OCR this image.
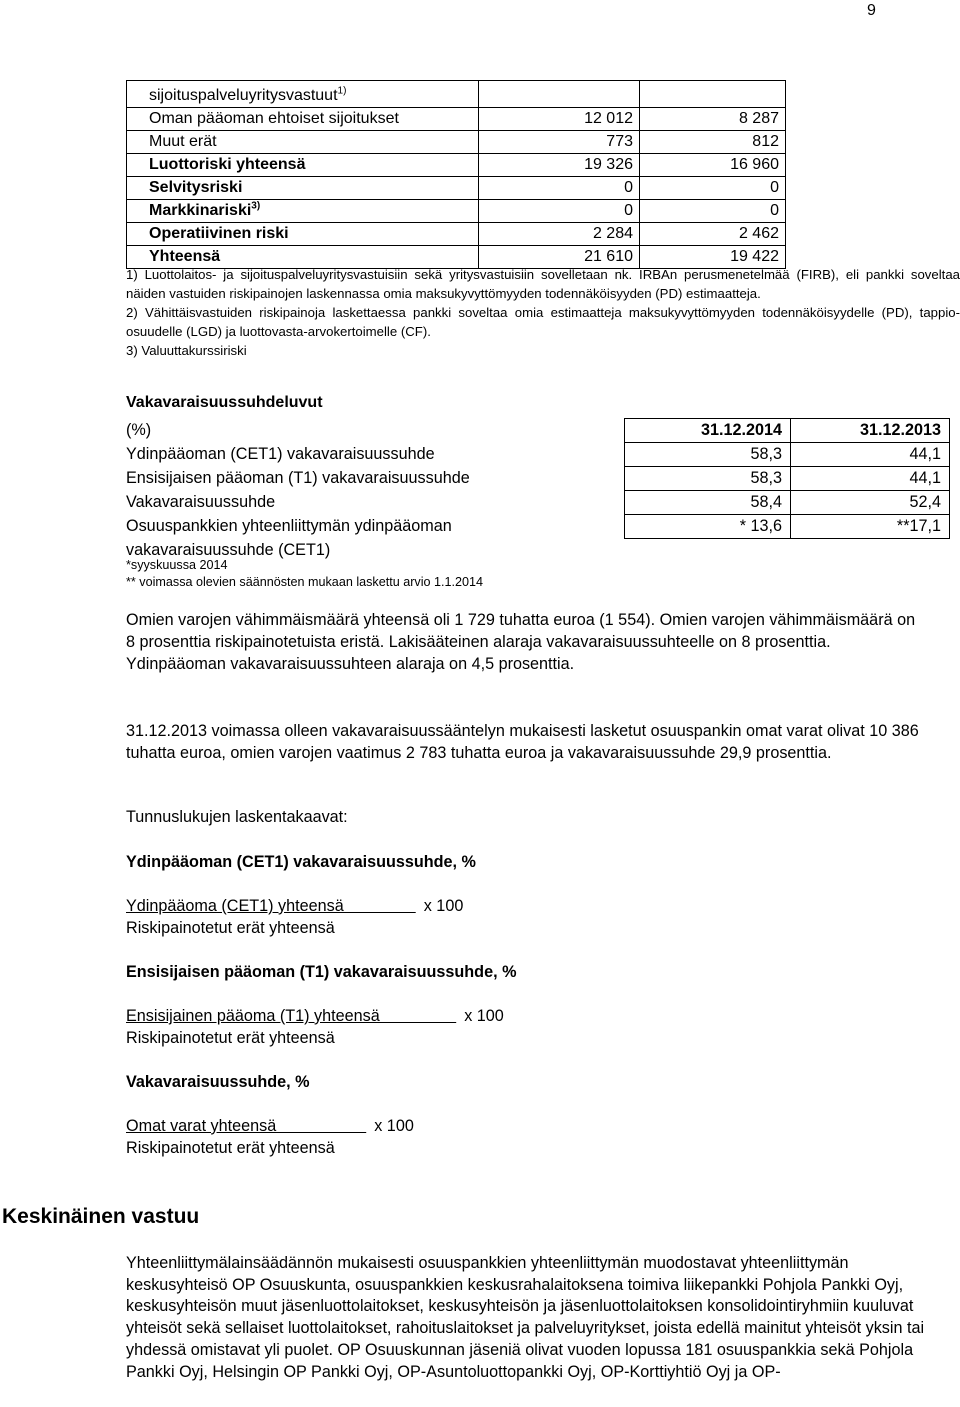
9
sijoituspalveluyritysvastuut$^{1)}$		
Oman pääoman ehtoiset sijoitukset	12 012	8 287
Muut erät	773	812
Luottoriski yhteensä	19 326	16 960
Selvitysriski	0	0
Markkinariski$^{3)}$	0	0
Operatiivinen riski	2 284	2 462
Yhteensä	21 610	19 422

1) Luottolaitos- ja sijoituspalveluyritysvastuisiin sekä yritysvastuisiin sovelletaan nk. IRBAn perusmenetelmää (FIRB), eli pankki soveltaa näiden vastuiden riskipainojen laskennassa omia maksukyvyttömyyden todennäköisyyden (PD) estimaatteja.

2) Vähittäisvastuiden riskipainoja laskettaessa pankki soveltaa omia estimaatteja maksukyvyttömyyden todennäköisyydelle (PD), tappio-osuudelle (LGD) ja luottovasta-arvokertoimelle (CF).

3) Valuuttakurssiriski

Vakavaraisuussuhdeluvut
(%)	31.12.2014	31.12.2013
Ydinpääoman (CET1) vakavaraisuussuhde	58,3	44,1
Ensisijaisen pääoman (T1) vakavaraisuussuhde	58,3	44,1
Vakavaraisuussuhde	58,4	52,4
Osuuspankkien yhteenliittymän ydinpääoman	* 13,6	**17,1
vakavaraisuussuhde (CET1)		
*syyskuussa 2014
** voimassa olevien säännösten mukaan laskettu arvio 1.1.2014

Omien varojen vähimmäismäärä yhteensä oli 1 729 tuhatta euroa (1 554). Omien varojen vähimmäismäärä on 8 prosenttia riskipainotetuista eristä. Lakisääteinen alaraja vakavaraisuussuhteelle on 8 prosenttia. Ydinpääoman vakavaraisuussuhteen alaraja on 4,5 prosenttia.

31.12.2013 voimassa olleen vakavaraisuussääntelyn mukaisesti lasketut osuuspankin omat varat olivat 10 386 tuhatta euroa, omien varojen vaatimus 2 783 tuhatta euroa ja vakavaraisuussuhde 29,9 prosenttia.

Tunnuslukujen laskentakaavat:

Ydinpääoman (CET1) vakavaraisuussuhde, %
Ydinpääoma (CET1) yhteensä                x 100
Riskipainotetut erät yhteensä
Ensisijaisen pääoman (T1) vakavaraisuussuhde, %
Ensisijainen pääoma (T1) yhteensä                 x 100
Riskipainotetut erät yhteensä
Vakavaraisuussuhde, %
Omat varat yhteensä                    x 100
Riskipainotetut erät yhteensä
Keskinäinen vastuu

Yhteenliittymälainsäädännön mukaisesti osuuspankkien yhteenliittymän muodostavat yhteenliittymän keskusyhteisö OP Osuuskunta, osuuspankkien keskusrahalaitoksena toimiva liikepankki Pohjola Pankki Oyj, keskusyhteisön muut jäsenluottolaitokset, keskusyhteisön ja jäsenluottolaitoksen konsolidointiryhmiin kuuluvat yhteisöt sekä sellaiset luottolaitokset, rahoituslaitokset ja palveluyritykset, joista edellä mainitut yhteisöt yksin tai yhdessä omistavat yli puolet. OP Osuuskunnan jäseniä olivat vuoden lopussa 181 osuuspankkia sekä Pohjola Pankki Oyj, Helsingin OP Pankki Oyj, OP-Asuntoluottopankki Oyj, OP-Korttiyhtiö Oyj ja OP-
